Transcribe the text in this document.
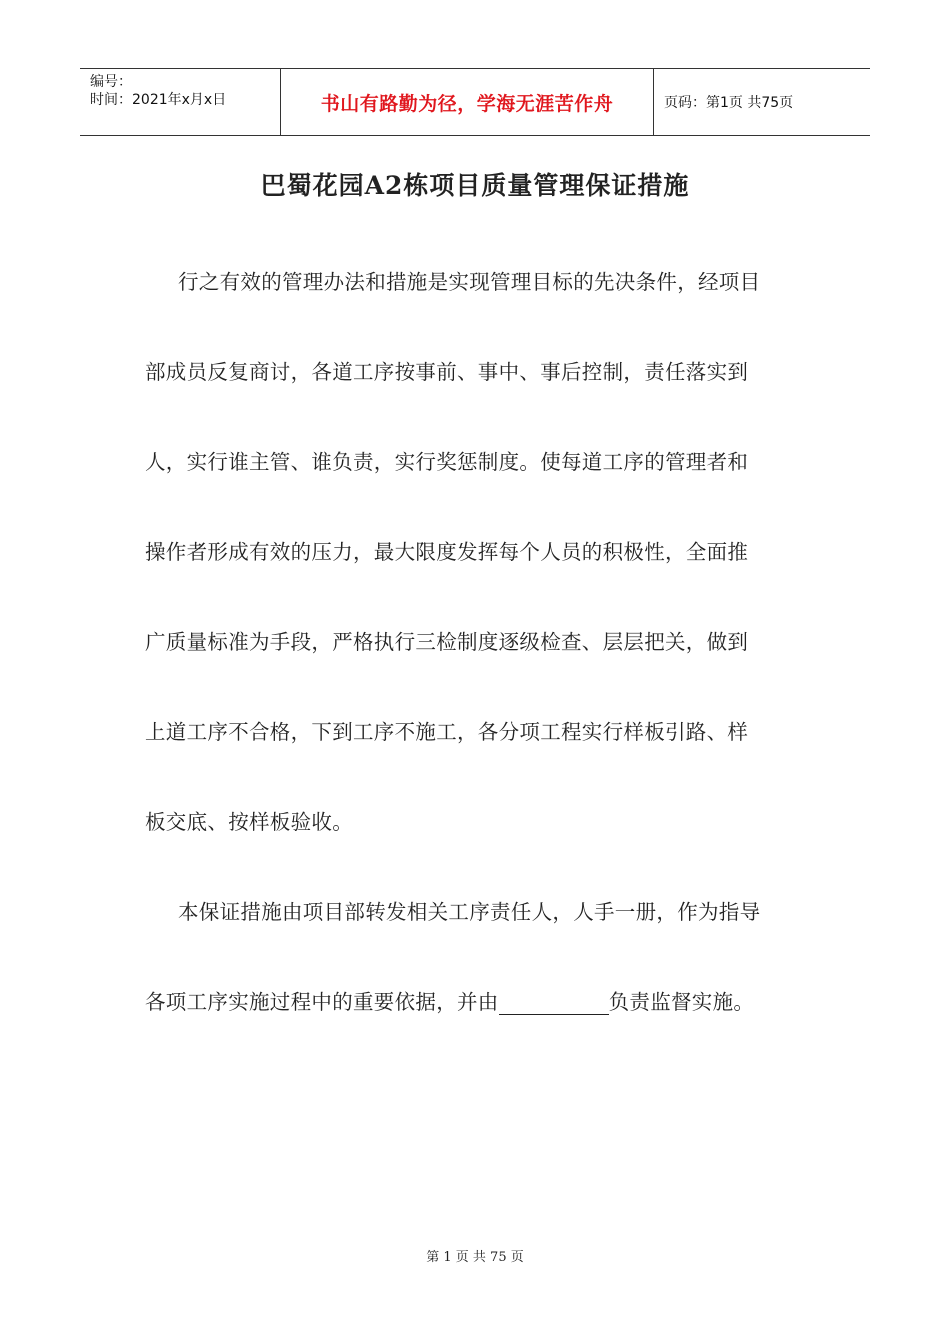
编号：
时间：2021年x月x日	书山有路勤为径，学海无涯苦作舟	页码：第1页 共75页
巴蜀花园A2栋项目质量管理保证措施
行之有效的管理办法和措施是实现管理目标的先决条件，经项目
部成员反复商讨，各道工序按事前、事中、事后控制，责任落实到
人，实行谁主管、谁负责，实行奖惩制度。使每道工序的管理者和
操作者形成有效的压力，最大限度发挥每个人员的积极性，全面推
广质量标准为手段，严格执行三检制度逐级检查、层层把关，做到
上道工序不合格，下到工序不施工，各分项工程实行样板引路、样
板交底、按样板验收。
本保证措施由项目部转发相关工序责任人，人手一册，作为指导
各项工序实施过程中的重要依据，并由	负责监督实施。
第 1 页 共 75 页
